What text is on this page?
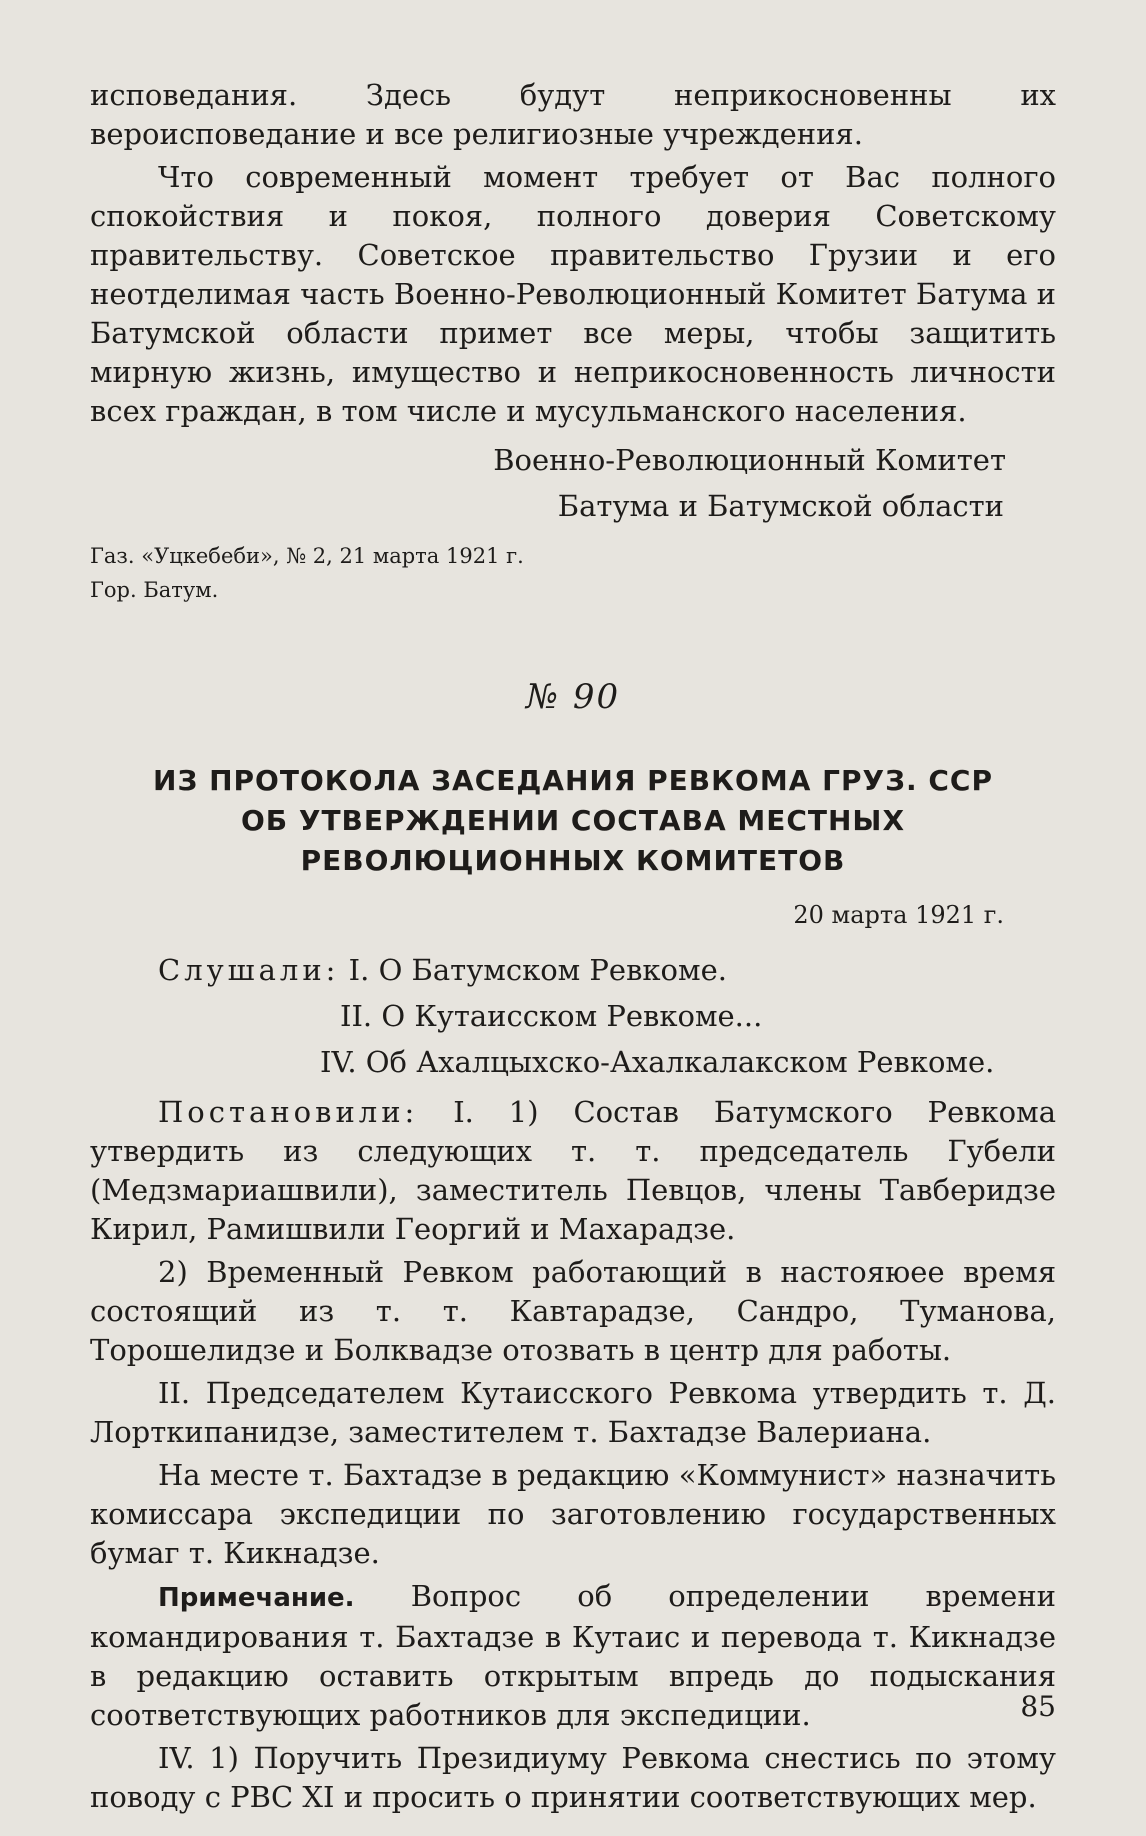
исповедания. Здесь будут неприкосновенны их вероисповедание и все религиозные учреждения.

Что современный момент требует от Вас полного спокойствия и покоя, полного доверия Советскому правительству. Советское правительство Грузии и его неотделимая часть Военно-Революционный Комитет Батума и Батумской области примет все меры, чтобы защитить мирную жизнь, имущество и неприкосновенность личности всех граждан, в том числе и мусульманского населения.

Военно-Революционный Комитет
Батума и Батумской области
Газ. «Уцкебеби», № 2, 21 марта 1921 г.
Гор. Батум.
№ 90
ИЗ ПРОТОКОЛА ЗАСЕДАНИЯ РЕВКОМА ГРУЗ. ССР
ОБ УТВЕРЖДЕНИИ СОСТАВА МЕСТНЫХ
РЕВОЛЮЦИОННЫХ КОМИТЕТОВ
20 марта 1921 г.
Слушали: I. О Батумском Ревкоме.
II. О Кутаисском Ревкоме...
IV. Об Ахалцыхско-Ахалкалакском Ревкоме.

Постановили: I. 1) Состав Батумского Ревкома утвердить из следующих т. т. председатель Губели (Медзмариашвили), заместитель Певцов, члены Тавберидзе Кирил, Рамишвили Георгий и Махарадзе.

2) Временный Ревком работающий в настояюее время состоящий из т. т. Кавтарадзе, Сандро, Туманова, Торошелидзе и Болквадзе отозвать в центр для работы.

II. Председателем Кутаисского Ревкома утвердить т. Д. Лорткипанидзе, заместителем т. Бахтадзе Валериана.

На месте т. Бахтадзе в редакцию «Коммунист» назначить комиссара экспедиции по заготовлению государственных бумаг т. Кикнадзе.

Примечание. Вопрос об определении времени командирования т. Бахтадзе в Кутаис и перевода т. Кикнадзе в редакцию оставить открытым впредь до подыскания соответствующих работников для экспедиции.

IV. 1) Поручить Президиуму Ревкома снестись по этому поводу с РВС XI и просить о принятии соответствующих мер.

85
